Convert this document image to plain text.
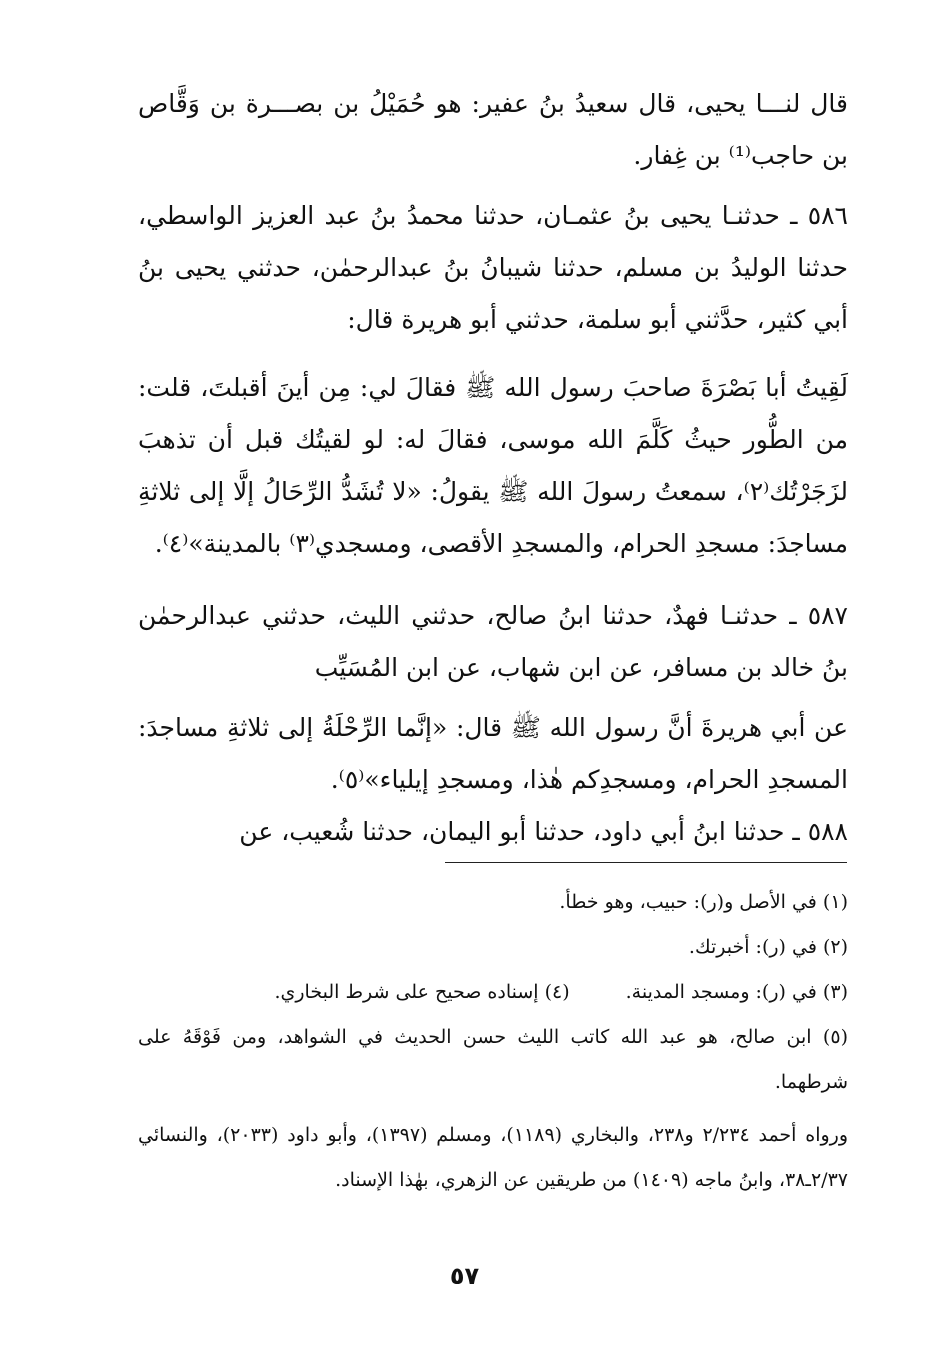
قال لنـــا يحيى، قال سعيدُ بنُ عفير: هو حُمَيْلُ بن بصـــرة بن وَقَّاص بن حاجب⁽¹⁾ بن غِفار.

٥٨٦ ـ حدثنـا يحيى بنُ عثمـان، حدثنا محمدُ بنُ عبد العزيز الواسطي، حدثنا الوليدُ بن مسلم، حدثنا شيبانُ بنُ عبدالرحمٰن، حدثني يحيى بنُ أبي كثير، حدَّثني أبو سلمة، حدثني أبو هريرة قال:

لَقِيتُ أبا بَصْرَةَ صاحبَ رسول الله ﷺ فقالَ لي: مِن أينَ أقبلتَ، قلت: من الطُّور حيثُ كَلَّمَ الله موسى، فقالَ له: لو لقيتُك قبل أن تذهبَ لزَجَرْتُك⁽٢⁾، سمعتُ رسولَ الله ﷺ يقولُ: «لا تُشَدُّ الرِّحَالُ إلَّا إلى ثلاثةِ مساجدَ: مسجدِ الحرام، والمسجدِ الأقصى، ومسجدي⁽٣⁾ بالمدينة»⁽٤⁾.

٥٨٧ ـ حدثنـا فهدٌ، حدثنا ابنُ صالح، حدثني الليث، حدثني عبدالرحمٰن بنُ خالد بن مسافر، عن ابن شهاب، عن ابن المُسَيِّب

عن أبي هريرةَ أنَّ رسول الله ﷺ قال: «إنَّما الرِّحْلَةُ إلى ثلاثةِ مساجدَ: المسجدِ الحرام، ومسجدِكم هٰذا، ومسجدِ إيلياء»⁽٥⁾.

٥٨٨ ـ حدثنا ابنُ أبي داود، حدثنا أبو اليمان، حدثنا شُعيب، عن

(١) في الأصل و(ر): حبيب، وهو خطأ.

(٢) في (ر): أخبرتك.

(٣) في (ر): ومسجد المدينة.
(٤) إسناده صحيح على شرط البخاري.

(٥) ابن صالح، هو عبد الله كاتب الليث حسن الحديث في الشواهد، ومن فَوْقَهُ على شرطهما.

ورواه أحمد ٢/٢٣٤ و٢٣٨، والبخاري (١١٨٩)، ومسلم (١٣٩٧)، وأبو داود (٢٠٣٣)، والنسائي ٢/٣٧ـ٣٨، وابنُ ماجه (١٤٠٩) من طريقين عن الزهري، بهٰذا الإسناد.

٥٧
